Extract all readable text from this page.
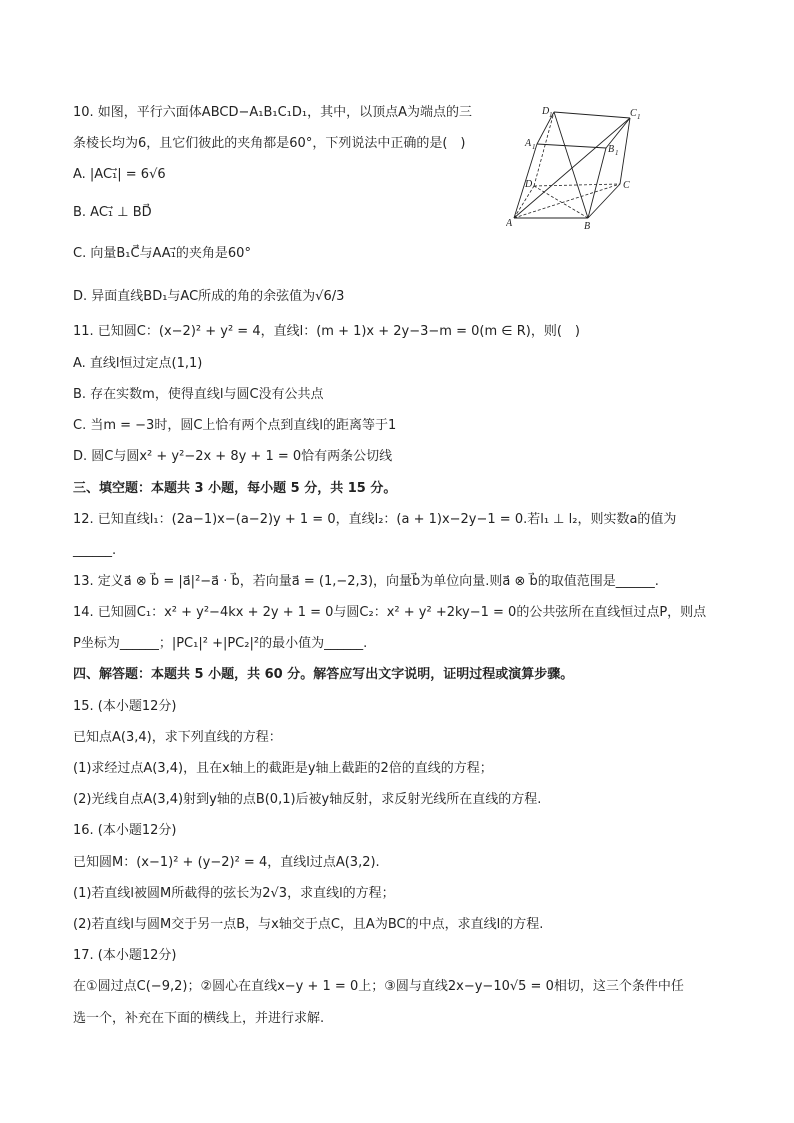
10. 如图，平行六面体ABCD−A₁B₁C₁D₁，其中，以顶点A为端点的三
条棱长均为6，且它们彼此的夹角都是60°，下列说法中正确的是(　)
A. |AC₁⃗| = 6√6
B. AC₁⃗ ⊥ BD⃗
C. 向量B₁C⃗与AA₁⃗的夹角是60°
D. 异面直线BD₁与AC所成的角的余弦值为√6/3
11. 已知圆C：(x−2)² + y² = 4，直线l：(m + 1)x + 2y−3−m = 0(m ∈ R)，则(　)
A. 直线l恒过定点(1,1)
B. 存在实数m，使得直线l与圆C没有公共点
C. 当m = −3时，圆C上恰有两个点到直线l的距离等于1
D. 圆C与圆x² + y²−2x + 8y + 1 = 0恰有两条公切线
三、填空题：本题共 3 小题，每小题 5 分，共 15 分。
12. 已知直线l₁：(2a−1)x−(a−2)y + 1 = 0，直线l₂：(a + 1)x−2y−1 = 0.若l₁ ⊥ l₂，则实数a的值为
______.
13. 定义a⃗ ⊗ b⃗ = |a⃗|²−a⃗ · b⃗，若向量a⃗ = (1,−2,3)，向量b⃗为单位向量.则a⃗ ⊗ b⃗的取值范围是______.
14. 已知圆C₁：x² + y²−4kx + 2y + 1 = 0与圆C₂：x² + y² +2ky−1 = 0的公共弦所在直线恒过点P，则点
P坐标为______；|PC₁|² +|PC₂|²的最小值为______.
四、解答题：本题共 5 小题，共 60 分。解答应写出文字说明，证明过程或演算步骤。
15. (本小题12分)
已知点A(3,4)，求下列直线的方程：
(1)求经过点A(3,4)，且在x轴上的截距是y轴上截距的2倍的直线的方程；
(2)光线自点A(3,4)射到y轴的点B(0,1)后被y轴反射，求反射光线所在直线的方程.
16. (本小题12分)
已知圆M：(x−1)² + (y−2)² = 4，直线l过点A(3,2).
(1)若直线l被圆M所截得的弦长为2√3，求直线l的方程；
(2)若直线l与圆M交于另一点B，与x轴交于点C，且A为BC的中点，求直线l的方程.
17. (本小题12分)
在①圆过点C(−9,2)；②圆心在直线x−y + 1 = 0上；③圆与直线2x−y−10√5 = 0相切，这三个条件中任
选一个，补充在下面的横线上，并进行求解.
A	B
C
D
A 1	B 1
C 1
D 1
